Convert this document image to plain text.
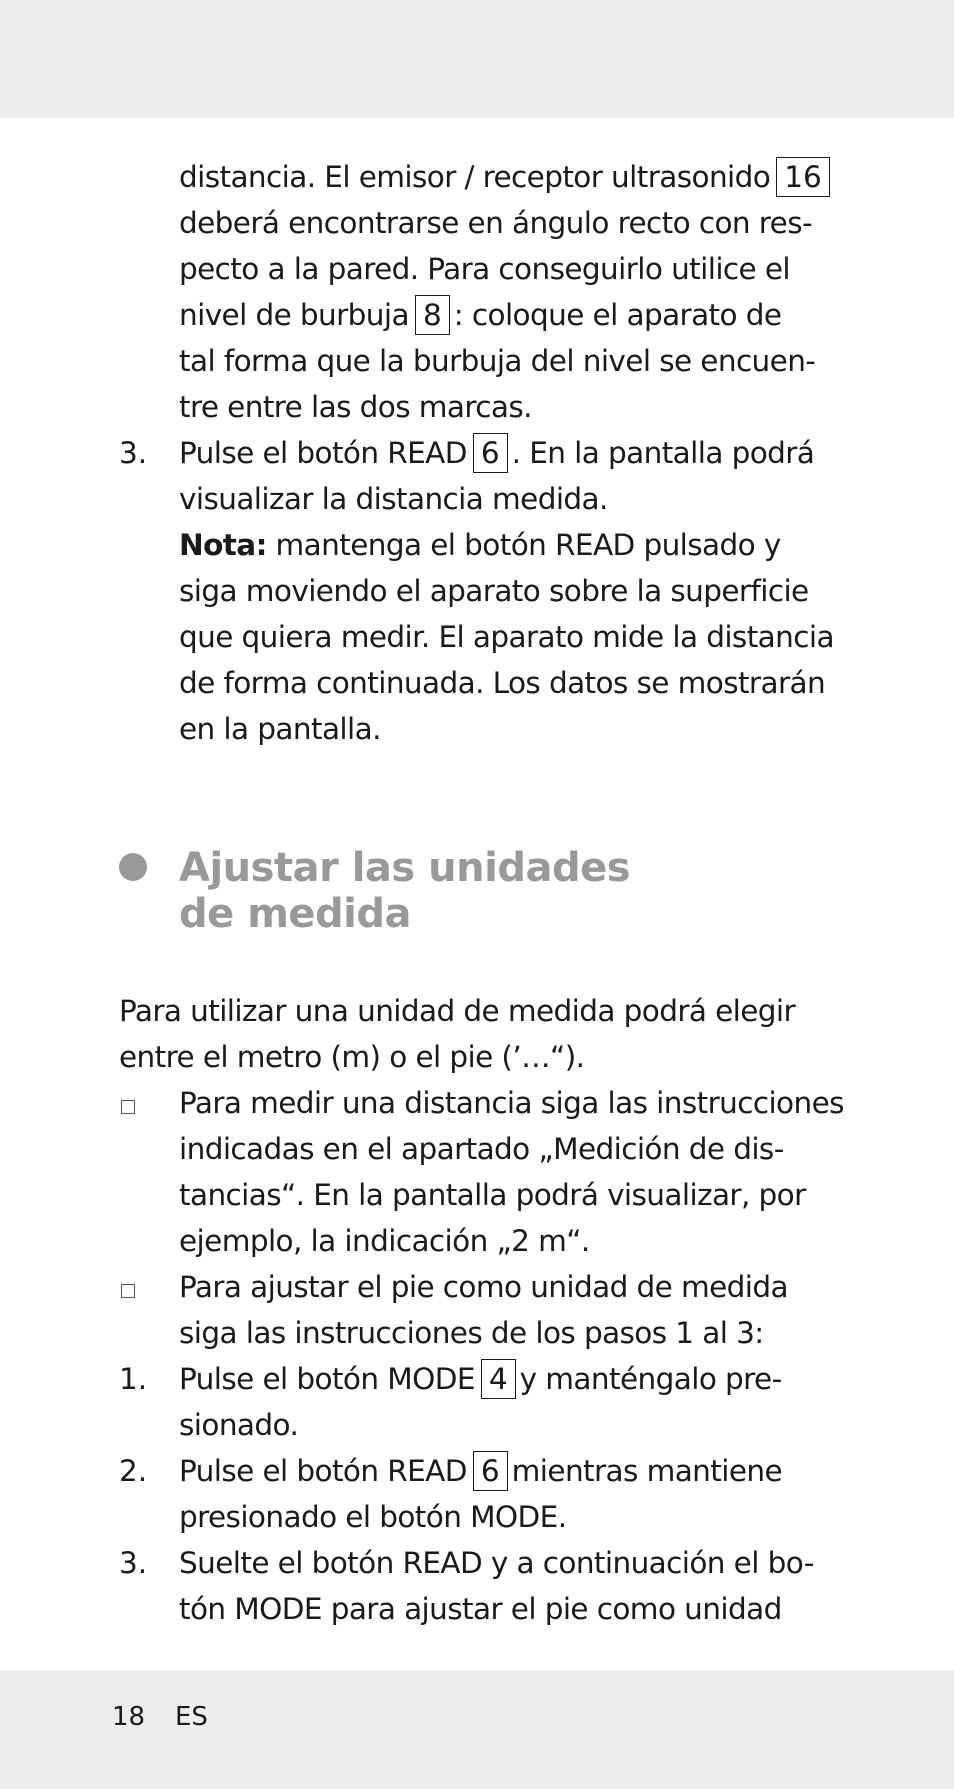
distancia. El emisor / receptor ultrasonido 16
deberá encontrarse en ángulo recto con res-
pecto a la pared. Para conseguirlo utilice el
nivel de burbuja 8 : coloque el aparato de
tal forma que la burbuja del nivel se encuen-
tre entre las dos marcas.
3. Pulse el botón READ 6 . En la pantalla podrá
visualizar la distancia medida.
Nota: mantenga el botón READ pulsado y
siga moviendo el aparato sobre la superficie
que quiera medir. El aparato mide la distancia
de forma continuada. Los datos se mostrarán
en la pantalla.
Ajustar las unidades
de medida
Para utilizar una unidad de medida podrá elegir
entre el metro (m) o el pie (’…“).
Para medir una distancia siga las instrucciones
indicadas en el apartado „Medición de dis-
tancias“. En la pantalla podrá visualizar, por
ejemplo, la indicación „2 m“.
Para ajustar el pie como unidad de medida
siga las instrucciones de los pasos 1 al 3:
1. Pulse el botón MODE 4 y manténgalo pre-
sionado.
2. Pulse el botón READ 6 mientras mantiene
presionado el botón MODE.
3. Suelte el botón READ y a continuación el bo-
tón MODE para ajustar el pie como unidad
18 ES
